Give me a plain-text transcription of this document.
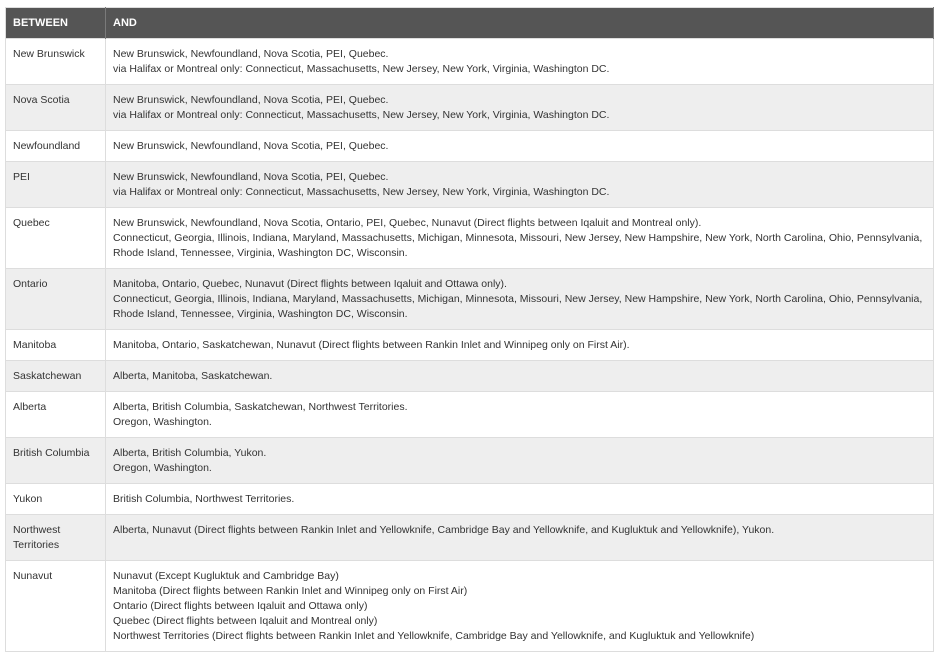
BETWEEN	AND
New Brunswick	New Brunswick, Newfoundland, Nova Scotia, PEI, Quebec.
via Halifax or Montreal only: Connecticut, Massachusetts, New Jersey, New York, Virginia, Washington DC.

Nova Scotia	New Brunswick, Newfoundland, Nova Scotia, PEI, Quebec.
via Halifax or Montreal only: Connecticut, Massachusetts, New Jersey, New York, Virginia, Washington DC.

Newfoundland	New Brunswick, Newfoundland, Nova Scotia, PEI, Quebec.

PEI	New Brunswick, Newfoundland, Nova Scotia, PEI, Quebec.
via Halifax or Montreal only: Connecticut, Massachusetts, New Jersey, New York, Virginia, Washington DC.

Quebec	New Brunswick, Newfoundland, Nova Scotia, Ontario, PEI, Quebec, Nunavut (Direct flights between Iqaluit and Montreal only).
Connecticut, Georgia, Illinois, Indiana, Maryland, Massachusetts, Michigan, Minnesota, Missouri, New Jersey, New Hampshire, New York, North Carolina, Ohio, Pennsylvania, Rhode Island, Tennessee, Virginia, Washington DC, Wisconsin.

Ontario	Manitoba, Ontario, Quebec, Nunavut (Direct flights between Iqaluit and Ottawa only).
Connecticut, Georgia, Illinois, Indiana, Maryland, Massachusetts, Michigan, Minnesota, Missouri, New Jersey, New Hampshire, New York, North Carolina, Ohio, Pennsylvania, Rhode Island, Tennessee, Virginia, Washington DC, Wisconsin.

Manitoba	Manitoba, Ontario, Saskatchewan, Nunavut (Direct flights between Rankin Inlet and Winnipeg only on First Air).

Saskatchewan	Alberta, Manitoba, Saskatchewan.

Alberta	Alberta, British Columbia, Saskatchewan, Northwest Territories.
Oregon, Washington.

British Columbia	Alberta, British Columbia, Yukon.
Oregon, Washington.

Yukon	British Columbia, Northwest Territories.

Northwest Territories	Alberta, Nunavut (Direct flights between Rankin Inlet and Yellowknife, Cambridge Bay and Yellowknife, and Kugluktuk and Yellowknife), Yukon.

Nunavut	Nunavut (Except Kugluktuk and Cambridge Bay)
Manitoba (Direct flights between Rankin Inlet and Winnipeg only on First Air)
Ontario (Direct flights between Iqaluit and Ottawa only)
Quebec (Direct flights between Iqaluit and Montreal only)
Northwest Territories (Direct flights between Rankin Inlet and Yellowknife, Cambridge Bay and Yellowknife, and Kugluktuk and Yellowknife)
